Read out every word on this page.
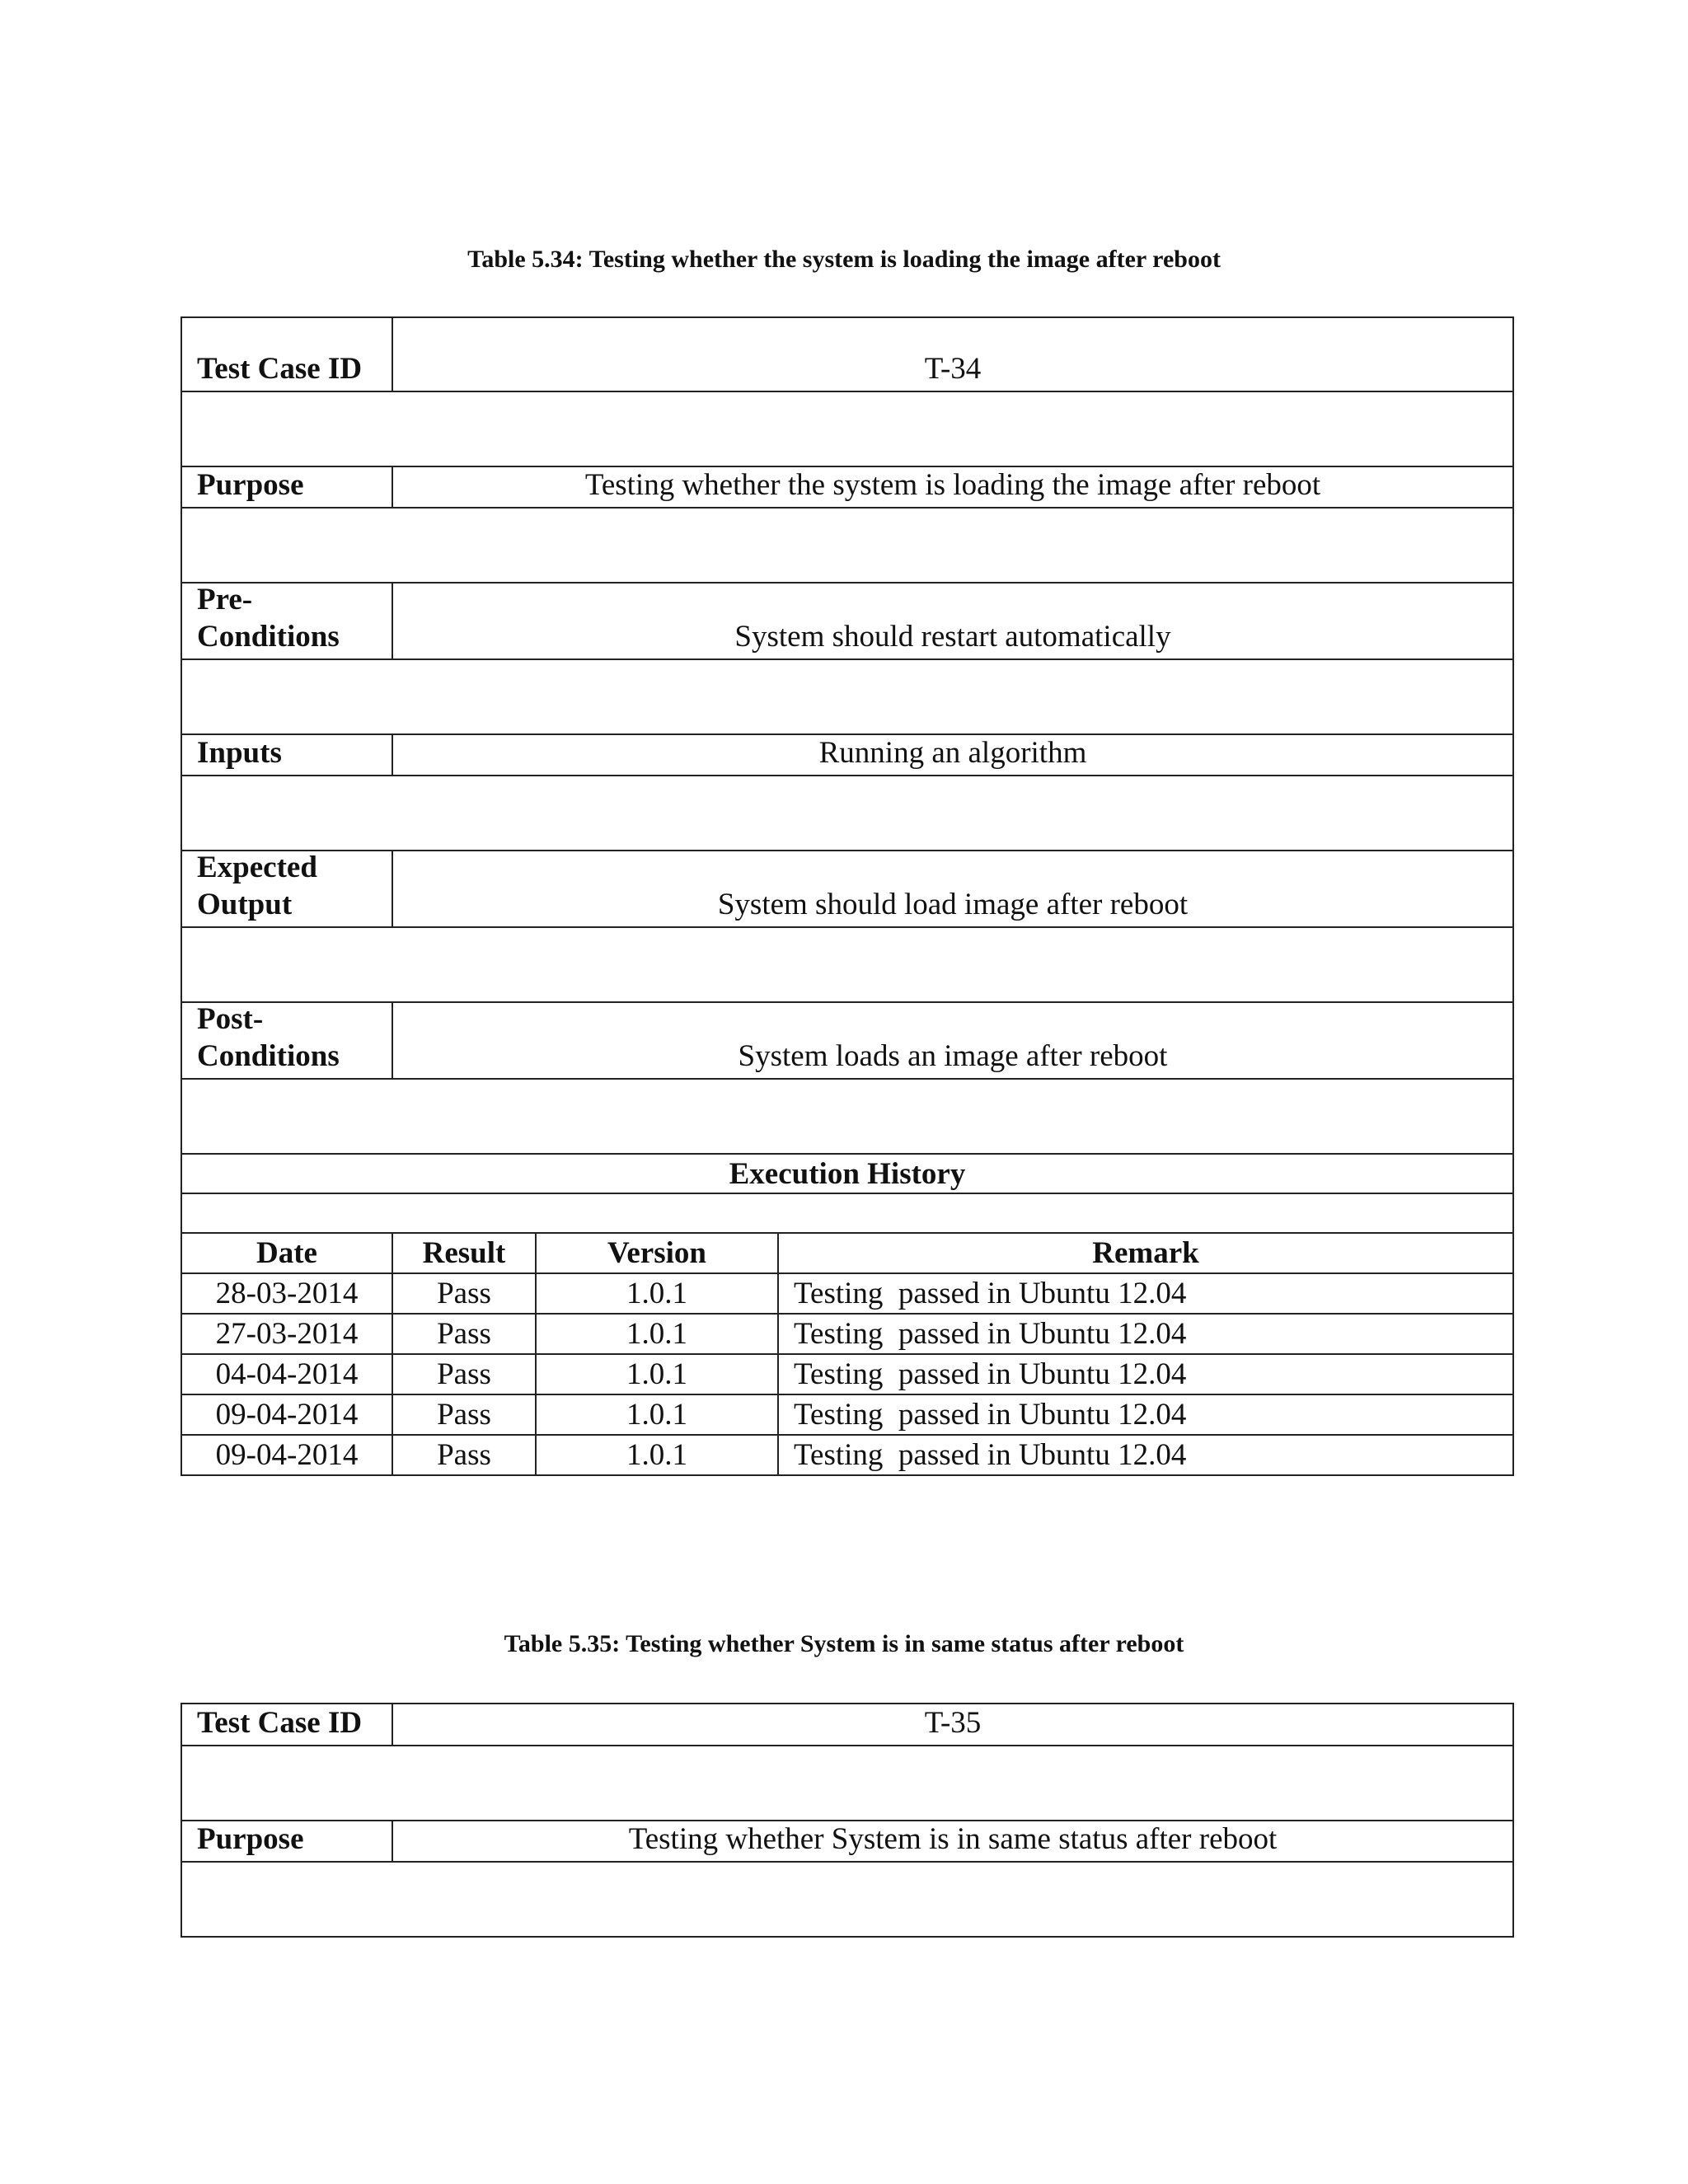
Table 5.34: Testing whether the system is loading the image after reboot
Test Case ID	T-34
Purpose	Testing whether the system is loading the image after reboot
Pre-
Conditions	System should restart automatically
Inputs	Running an algorithm
Expected
Output	System should load image after reboot
Post-
Conditions	System loads an image after reboot
Execution History
Date	Result	Version	Remark
28-03-2014	Pass	1.0.1	Testing  passed in Ubuntu 12.04
27-03-2014	Pass	1.0.1	Testing  passed in Ubuntu 12.04
04-04-2014	Pass	1.0.1	Testing  passed in Ubuntu 12.04
09-04-2014	Pass	1.0.1	Testing  passed in Ubuntu 12.04
09-04-2014	Pass	1.0.1	Testing  passed in Ubuntu 12.04
Table 5.35: Testing whether System is in same status after reboot
Test Case ID	T-35
Purpose	Testing whether System is in same status after reboot
